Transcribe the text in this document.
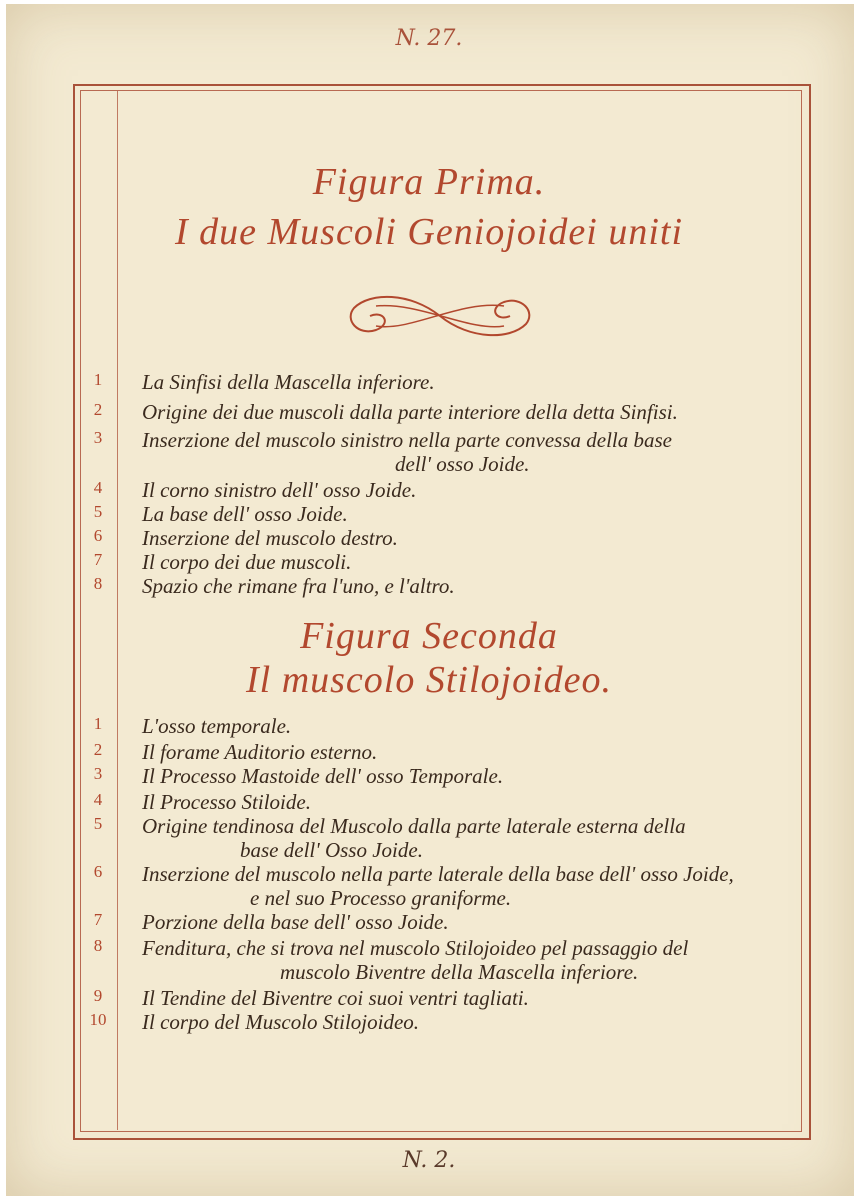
N. 27.
Figura Prima.
I due Muscoli Geniojoidei uniti
1	La Sinfisi della Mascella inferiore.
2	Origine dei due muscoli dalla parte interiore della detta Sinfisi.
3	Inserzione del muscolo sinistro nella parte convessa della base
dell' osso Joide.
4	Il corno sinistro dell' osso Joide.
5	La base dell' osso Joide.
6	Inserzione del muscolo destro.
7	Il corpo dei due muscoli.
8	Spazio che rimane fra l'uno, e l'altro.
Figura Seconda
Il muscolo Stilojoideo.
1	L'osso temporale.
2	Il forame Auditorio esterno.
3	Il Processo Mastoide dell' osso Temporale.
4	Il Processo Stiloide.
5	Origine tendinosa del Muscolo dalla parte laterale esterna della
base dell' Osso Joide.
6	Inserzione del muscolo nella parte laterale della base dell' osso Joide,
e nel suo Processo graniforme.
7	Porzione della base dell' osso Joide.
8	Fenditura, che si trova nel muscolo Stilojoideo pel passaggio del
muscolo Biventre della Mascella inferiore.
9	Il Tendine del Biventre coi suoi ventri tagliati.
10 Il corpo del Muscolo Stilojoideo.
N. 2.
